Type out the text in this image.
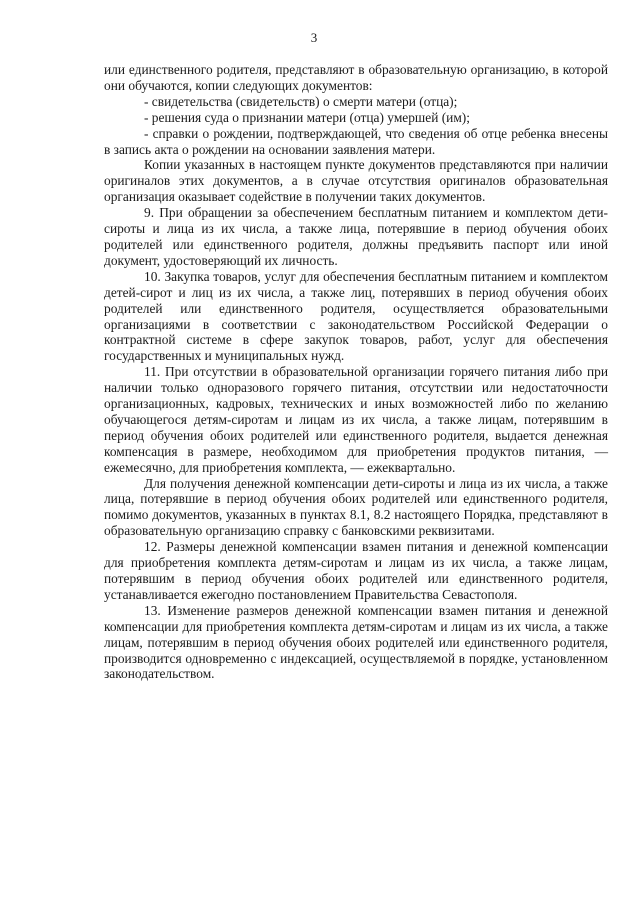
3

или единственного родителя, представляют в образовательную организацию, в которой они обучаются, копии следующих документов:

- свидетельства (свидетельств) о смерти матери (отца);

- решения суда о признании матери (отца) умершей (им);

- справки о рождении, подтверждающей, что сведения об отце ребенка внесены в запись акта о рождении на основании заявления матери.

Копии указанных в настоящем пункте документов представляются при наличии оригиналов этих документов, а в случае отсутствия оригиналов образовательная организация оказывает содействие в получении таких документов.

9. При обращении за обеспечением бесплатным питанием и комплектом дети-сироты и лица из их числа, а также лица, потерявшие в период обучения обоих родителей или единственного родителя, должны предъявить паспорт или иной документ, удостоверяющий их личность.

10. Закупка товаров, услуг для обеспечения бесплатным питанием и комплектом детей-сирот и лиц из их числа, а также лиц, потерявших в период обучения обоих родителей или единственного родителя, осуществляется образовательными организациями в соответствии с законодательством Российской Федерации о контрактной системе в сфере закупок товаров, работ, услуг для обеспечения государственных и муниципальных нужд.

11. При отсутствии в образовательной организации горячего питания либо при наличии только одноразового горячего питания, отсутствии или недостаточности организационных, кадровых, технических и иных возможностей либо по желанию обучающегося детям-сиротам и лицам из их числа, а также лицам, потерявшим в период обучения обоих родителей или единственного родителя, выдается денежная компенсация в размере, необходимом для приобретения продуктов питания, — ежемесячно, для приобретения комплекта, — ежеквартально.

Для получения денежной компенсации дети-сироты и лица из их числа, а также лица, потерявшие в период обучения обоих родителей или единственного родителя, помимо документов, указанных в пунктах 8.1, 8.2 настоящего Порядка, представляют в образовательную организацию справку с банковскими реквизитами.

12. Размеры денежной компенсации взамен питания и денежной компенсации для приобретения комплекта детям-сиротам и лицам из их числа, а также лицам, потерявшим в период обучения обоих родителей или единственного родителя, устанавливается ежегодно постановлением Правительства Севастополя.

13. Изменение размеров денежной компенсации взамен питания и денежной компенсации для приобретения комплекта детям-сиротам и лицам из их числа, а также лицам, потерявшим в период обучения обоих родителей или единственного родителя, производится одновременно с индексацией, осуществляемой в порядке, установленном законодательством.
